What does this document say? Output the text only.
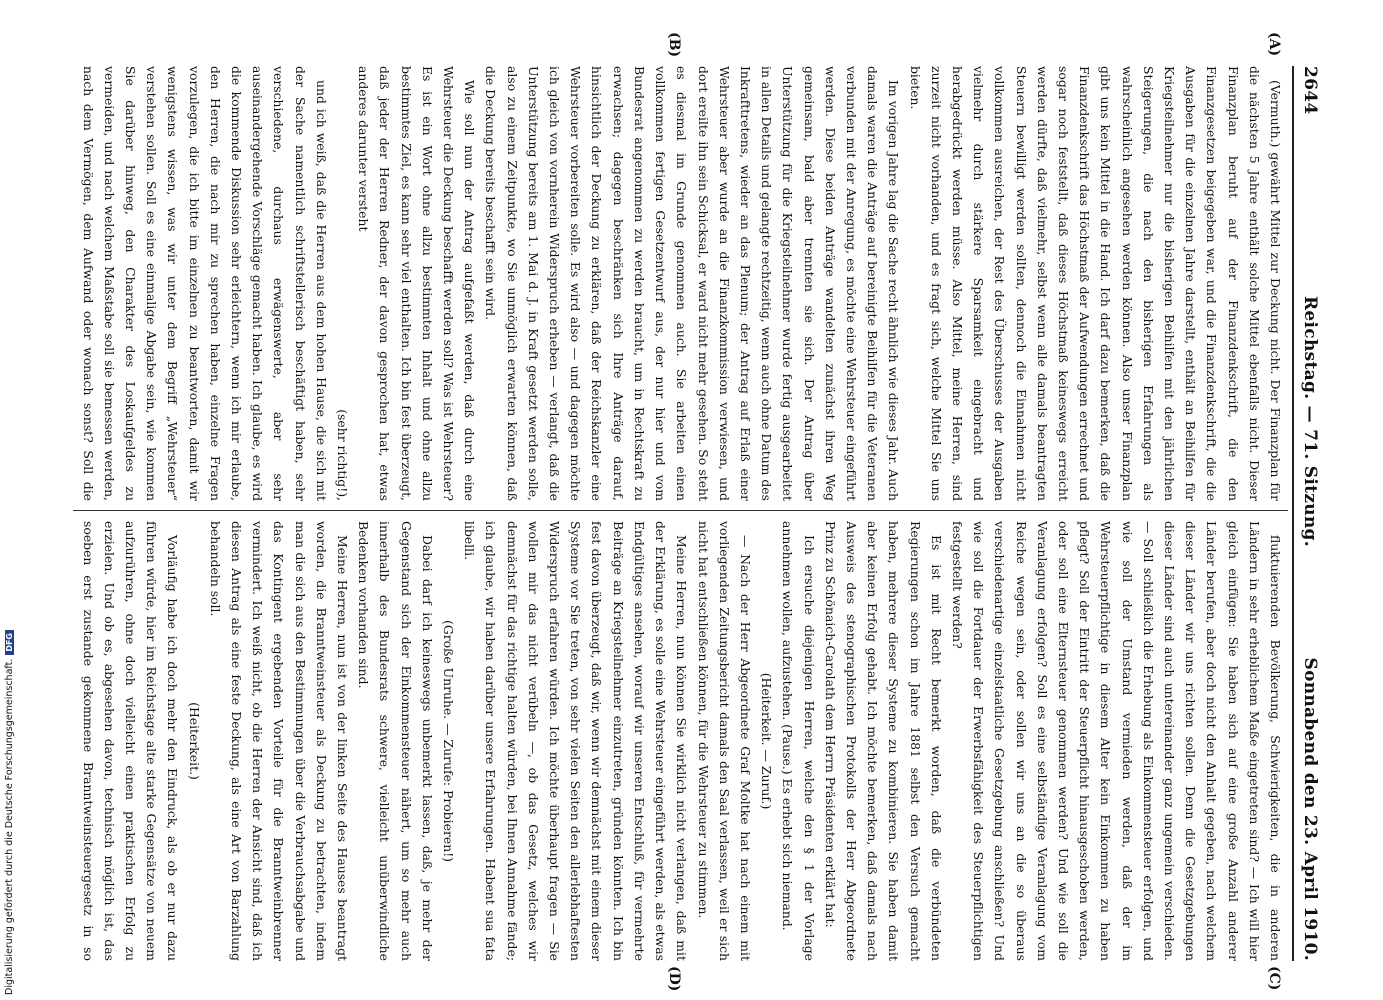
2644
Reichstag. — 71. Sitzung.
Sonnabend den 23. April 1910.
(A)
(B)
(C)
(D)

(Vermuth.) gewährt Mittel zur Deckung nicht. Der Finanzplan für die nächsten 5 Jahre enthält solche Mittel ebenfalls nicht. Dieser Finanzplan beruht auf der Finanzdenkschrift, die den Finanzgesetzen beigegeben war, und die Finanzdenkschrift, die die Ausgaben für die einzelnen Jahre darstellt, enthält an Beihilfen für Kriegsteilnehmer nur die bisherigen Beihilfen mit den jährlichen Steigerungen, die nach den bisherigen Erfahrungen als wahrscheinlich angesehen werden können. Also unser Finanzplan gibt uns kein Mittel in die Hand. Ich darf dazu bemerken, daß die Finanzdenkschrift das Höchstmaß der Aufwendungen errechnet und sogar noch feststellt, daß dieses Höchstmaß keineswegs erreicht werden dürfte, daß vielmehr, selbst wenn alle damals beantragten Steuern bewilligt werden sollten, dennoch die Einnahmen nicht vollkommen ausreichen, der Rest des Überschusses der Ausgaben vielmehr durch stärkere Sparsamkeit eingebracht und herabgedrückt werden müsse. Also Mittel, meine Herren, sind zurzeit nicht vorhanden, und es fragt sich, welche Mittel Sie uns bieten.

Im vorigen Jahre lag die Sache recht ähnlich wie dieses Jahr. Auch damals waren die Anträge auf bereinigte Beihilfen für die Veteranen verbunden mit der Anregung, es möchte eine Wehrsteuer eingeführt werden. Diese beiden Anträge wandelten zunächst ihren Weg gemeinsam, bald aber trennten sie sich. Der Antrag über Unterstützung für die Kriegsteilnehmer wurde fertig ausgearbeitet in allen Details und gelangte rechtzeitig, wenn auch ohne Datum des Inkrafttretens, wieder an das Plenum; der Antrag auf Erlaß einer Wehrsteuer aber wurde an die Finanzkommission verwiesen, und dort ereilte ihn sein Schicksal, er ward nicht mehr gesehen. So steht es diesmal im Grunde genommen auch. Sie arbeiten einen vollkommen fertigen Gesetzentwurf aus, der nur hier und vom Bundesrat angenommen zu werden braucht, um in Rechtskraft zu erwachsen; dagegen beschränken sich Ihre Anträge darauf, hinsichtlich der Deckung zu erklären, daß der Reichskanzler eine Wehrsteuer vorbereiten solle. Es wird also — und dagegen möchte ich gleich von vornherein Widerspruch erheben — verlangt, daß die Unterstützung bereits am 1. Mai d. J. in Kraft gesetzt werden solle, also zu einem Zeitpunkte, wo Sie unmöglich erwarten können, daß die Deckung bereits beschafft sein wird.

Wie soll nun der Antrag aufgefaßt werden, daß durch eine Wehrsteuer die Deckung beschafft werden soll? Was ist Wehrsteuer? Es ist ein Wort ohne allzu bestimmten Inhalt und ohne allzu bestimmtes Ziel, es kann sehr viel enthalten. Ich bin fest überzeugt, daß jeder der Herren Redner, der davon gesprochen hat, etwas anderes darunter versteht

(sehr richtig!),

und ich weiß, daß die Herren aus dem hohen Hause, die sich mit der Sache namentlich schriftstellerisch beschäftigt haben, sehr verschiedene, durchaus erwägenswerte, aber sehr auseinandergehende Vorschläge gemacht haben. Ich glaube, es wird die kommende Diskussion sehr erleichtern, wenn ich mir erlaube, den Herren, die nach mir zu sprechen haben, einzelne Fragen vorzulegen, die ich bitte im einzelnen zu beantworten, damit wir wenigstens wissen, was wir unter dem Begriff „Wehrsteuer“ verstehen sollen. Soll es eine einmalige Abgabe sein, wie kommen Sie darüber hinweg, den Charakter des Loskaufgeldes zu vermeiden, und nach welchem Maßstabe soll sie bemessen werden, nach dem Vermögen, dem Aufwand oder wonach sonst? Soll die

fluktuierenden Bevölkerung, Schwierigkeiten, die in anderen Ländern in sehr erheblichem Maße eingetreten sind? — Ich will hier gleich einfügen: Sie haben sich auf eine große Anzahl anderer Länder berufen, aber doch nicht den Anhalt gegeben, nach welchem dieser Länder wir uns richten sollen. Denn die Gesetzgebungen dieser Länder sind auch untereinander ganz ungemein verschieden. — Soll schließlich die Erhebung als Einkommensteuer erfolgen, und wie soll der Umstand vermieden werden, daß der im Wehrsteuerpflichtige in diesem Alter kein Einkommen zu haben pflegt? Soll der Eintritt der Steuerpflicht hinausgeschoben werden, oder soll eine Elternsteuer genommen werden? Und wie soll die Veranlagung erfolgen? Soll es eine selbständige Veranlagung vom Reiche wegen sein, oder sollen wir uns an die so überaus verschiedenartige einzelstaatliche Gesetzgebung anschließen? Und wie soll die Fortdauer der Erwerbsfähigkeit des Steuerpflichtigen festgestellt werden?

Es ist mit Recht bemerkt worden, daß die verbündeten Regierungen schon im Jahre 1881 selbst den Versuch gemacht haben, mehrere dieser Systeme zu kombinieren. Sie haben damit aber keinen Erfolg gehabt. Ich möchte bemerken, daß damals nach Ausweis des stenographischen Protokolls der Herr Abgeordnete Prinz zu Schönaich-Carolath dem Herrn Präsidenten erklärt hat:

Ich ersuche diejenigen Herren, welche den § 1 der Vorlage annehmen wollen, aufzustehen. (Pause.) Es erhebt sich niemand.

(Heiterkeit. — Zuruf.)

— Nach der Herr Abgeordnete Graf Moltke hat nach einem mit vorliegenden Zeitungsbericht damals den Saal verlassen, weil er sich nicht hat entschließen können, für die Wehrsteuer zu stimmen.

Meine Herren, nun können Sie wirklich nicht verlangen, daß mit der Erklärung, es solle eine Wehrsteuer eingeführt werden, als etwas Endgültiges ansehen, worauf wir unseren Entschluß, für vermehrte Beiträge an Kriegsteilnehmer einzutreten, gründen könnten. Ich bin fest davon überzeugt, daß wir, wenn wir demnächst mit einem dieser Systeme vor Sie treten, von sehr vielen Seiten den allerlebhaftesten Widerspruch erfahren würden. Ich möchte überhaupt fragen — Sie wollen mir das nicht verübeln —, ob das Gesetz, welches wir demnächst für das richtige halten würden, bei Ihnen Annahme fände; ich glaube, wir haben darüber unsere Erfahrungen. Habent sua fata libelli.

(Große Unruhe. — Zurufe: Probieren!)

Dabei darf ich keineswegs unbemerkt lassen, daß, je mehr der Gegenstand sich der Einkommensteuer nähert, um so mehr auch innerhalb des Bundesrats schwere, vielleicht unüberwindliche Bedenken vorhanden sind.

Meine Herren, nun ist von der linken Seite des Hauses beantragt worden, die Branntweinsteuer als Deckung zu betrachten, indem man die sich aus den Bestimmungen über die Verbrauchsabgabe und das Kontingent ergebenden Vorteile für die Branntweinbrenner vermindert. Ich weiß nicht, ob die Herren der Ansicht sind, daß ich diesen Antrag als eine feste Deckung, als eine Art von Barzahlung behandeln soll.

(Heiterkeit.)

Vorläufig habe ich doch mehr den Eindruck, als ob er nur dazu führen würde, hier im Reichstage alte starke Gegensätze von neuem aufzurühren, ohne doch vielleicht einen praktischen Erfolg zu erzielen. Und ob es, abgesehen davon, technisch möglich ist, das soeben erst zustande gekommene Branntweinsteuergesetz in so

Digitalisierung gefördert durch die Deutsche Forschungsgemeinschaft.DFG
